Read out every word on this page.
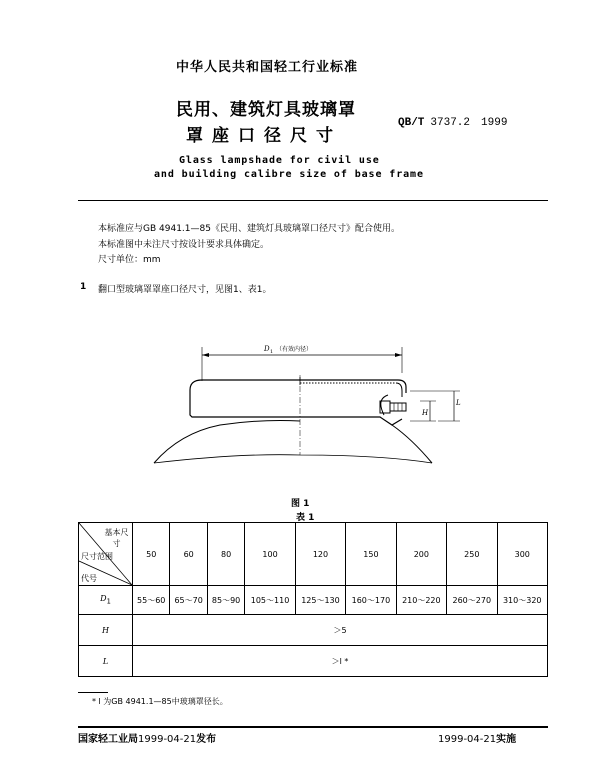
中华人民共和国轻工行业标准
民用、建筑灯具玻璃罩
罩座口径尺寸
QB/T 3737.2　1999
Glass lampshade for civil use
and building calibre size of base frame
本标准应与GB 4941.1—85《民用、建筑灯具玻璃罩口径尺寸》配合使用。
本标准图中未注尺寸按设计要求具体确定。
尺寸单位：mm
1 翻口型玻璃罩罩座口径尺寸，见图1、表1。
D 1 （有效内径）
H
L
图 1
表 1
基本尺寸
尺寸范围
代号	50	60	80	100	120	150	200	250	300
$D_1$	55～60	65～70	85～90	105～110	125～130	160～170	210～220	260～270	310～320
H	＞5								
L	＞l *								
* l 为GB 4941.1—85中玻璃罩径长。
国家轻工业局1999-04-21发布	1999-04-21实施
